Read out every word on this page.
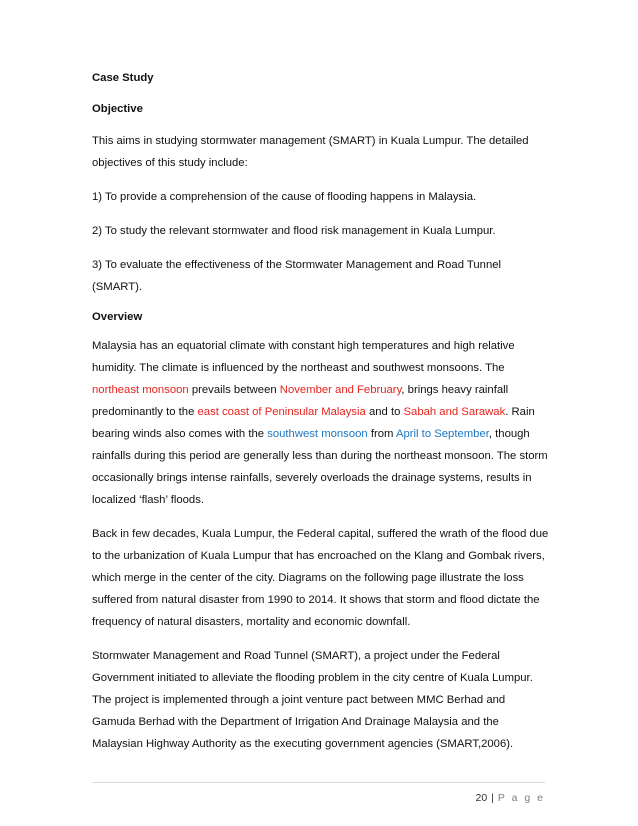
Case Study

Objective

This aims in studying stormwater management (SMART) in Kuala Lumpur. The detailed objectives of this study include:

1) To provide a comprehension of the cause of flooding happens in Malaysia.

2) To study the relevant stormwater and flood risk management in Kuala Lumpur.

3) To evaluate the effectiveness of the Stormwater Management and Road Tunnel (SMART).

Overview

Malaysia has an equatorial climate with constant high temperatures and high relative humidity. The climate is influenced by the northeast and southwest monsoons. The northeast monsoon prevails between November and February, brings heavy rainfall predominantly to the east coast of Peninsular Malaysia and to Sabah and Sarawak. Rain bearing winds also comes with the southwest monsoon from April to September, though rainfalls during this period are generally less than during the northeast monsoon. The storm occasionally brings intense rainfalls, severely overloads the drainage systems, results in localized ‘flash’ floods.

Back in few decades, Kuala Lumpur, the Federal capital, suffered the wrath of the flood due to the urbanization of Kuala Lumpur that has encroached on the Klang and Gombak rivers, which merge in the center of the city. Diagrams on the following page illustrate the loss suffered from natural disaster from 1990 to 2014. It shows that storm and flood dictate the frequency of natural disasters, mortality and economic downfall.

Stormwater Management and Road Tunnel (SMART), a project under the Federal Government initiated to alleviate the flooding problem in the city centre of Kuala Lumpur. The project is implemented through a joint venture pact between MMC Berhad and Gamuda Berhad with the Department of Irrigation And Drainage Malaysia and the Malaysian Highway Authority as the executing government agencies (SMART,2006).

20 | P a g e
